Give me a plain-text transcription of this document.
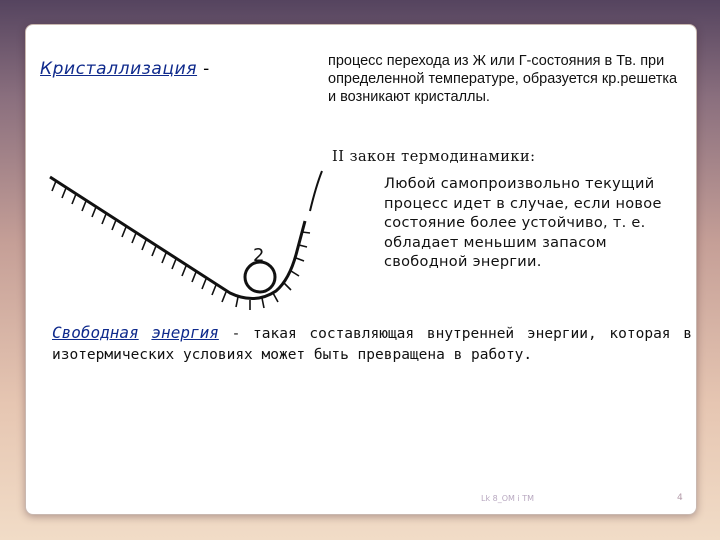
Кристаллизация -	процесс перехода из Ж или Г-состояния в Тв. при определенной температуре, образуется кр.решетка и возникают кристаллы.
2
II закон термодинамики:
Любой самопроизвольно текущий процесс идет в случае, если новое состояние более устойчиво, т. е. обладает меньшим запасом свободной энергии.
Свободная энергия - такая составляющая внутренней энергии, которая в изотермических условиях может быть превращена в работу.
Lk 8_OM i TM	4
